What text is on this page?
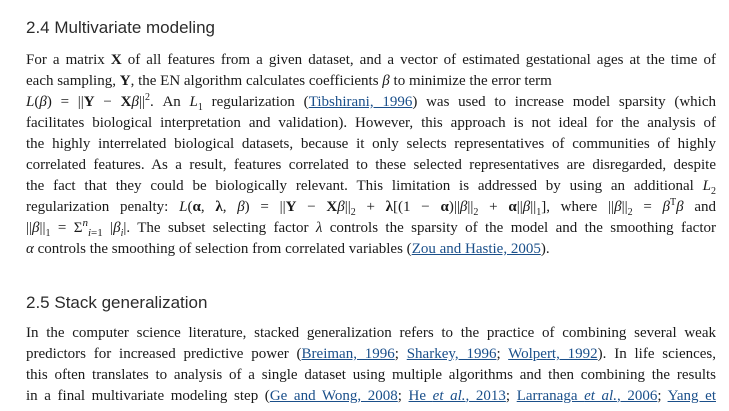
2.4 Multivariate modeling
For a matrix X of all features from a given dataset, and a vector of estimated gestational ages at the time of
each sampling, Y, the EN algorithm calculates coefficients β to minimize the error term
$L(\beta) = ||Y - X\beta||^2$. An $L_1$ regularization (Tibshirani, 1996) was used to increase model sparsity (which
facilitates biological interpretation and validation). However, this approach is not ideal for the analysis of
the highly interrelated biological datasets, because it only selects representatives of communities of highly
correlated features. As a result, features correlated to these selected representatives are disregarded, despite
the fact that they could be biologically relevant. This limitation is addressed by using an additional $L_2$
regularization penalty: L(α, λ, $\beta) = ||Y - X\beta||_2 + \lambda[(1 - \alpha)||\beta||_2 + \alpha||\beta||_1]$, where $||\beta||_2 = \beta^T\beta$ and
$||\beta||_1 = \Sigma^n_{i=1}$ $|\beta_i|$. The subset selecting factor λ controls the sparsity of the model and the smoothing factor
α controls the smoothing of selection from correlated variables (Zou and Hastie, 2005).
2.5 Stack generalization
In the computer science literature, stacked generalization refers to the practice of combining several weak
predictors for increased predictive power (Breiman, 1996; Sharkey, 1996; Wolpert, 1992). In life sciences,
this often translates to analysis of a single dataset using multiple algorithms and then combining the results
in a final multivariate modeling step (Ge and Wong, 2008; He et al., 2013; Larranaga et al., 2006; Yang et
